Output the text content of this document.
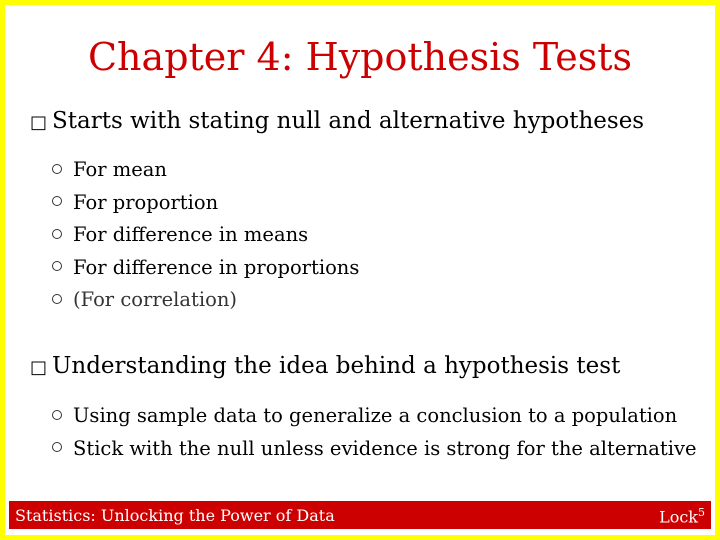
Chapter 4: Hypothesis Tests
□ Starts with stating null and alternative hypotheses
For mean
For proportion
For difference in means
For difference in proportions
(For correlation)
□ Understanding the idea behind a hypothesis test
Using sample data to generalize a conclusion to a population
Stick with the null unless evidence is strong for the alternative
Statistics: Unlocking the Power of Data	Lock$^5$
